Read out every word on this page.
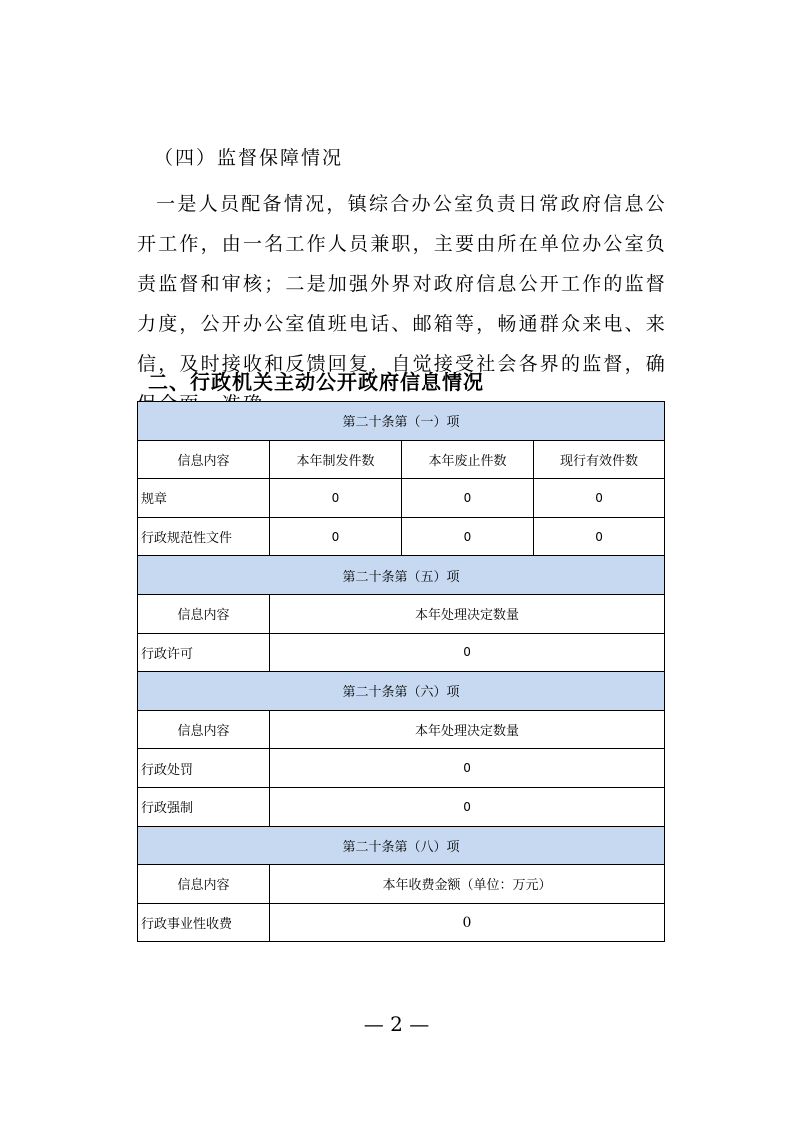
（四）监督保障情况
一是人员配备情况，镇综合办公室负责日常政府信息公开工作，由一名工作人员兼职，主要由所在单位办公室负责监督和审核；二是加强外界对政府信息公开工作的监督力度，公开办公室值班电话、邮箱等，畅通群众来电、来信，及时接收和反馈回复，自觉接受社会各界的监督，确
二、行政机关主动公开政府信息情况
第二十条第（一）项			
信息内容	本年制发件数	本年废止件数	现行有效件数
规章	0	0	0
行政规范性文件	0	0	0
第二十条第（五）项			
信息内容	本年处理决定数量		
行政许可	0		
第二十条第（六）项			
信息内容	本年处理决定数量		
行政处罚	0		
行政强制	0		
第二十条第（八）项			
信息内容	本年收费金额（单位：万元）		
行政事业性收费	0		
— 2 —
